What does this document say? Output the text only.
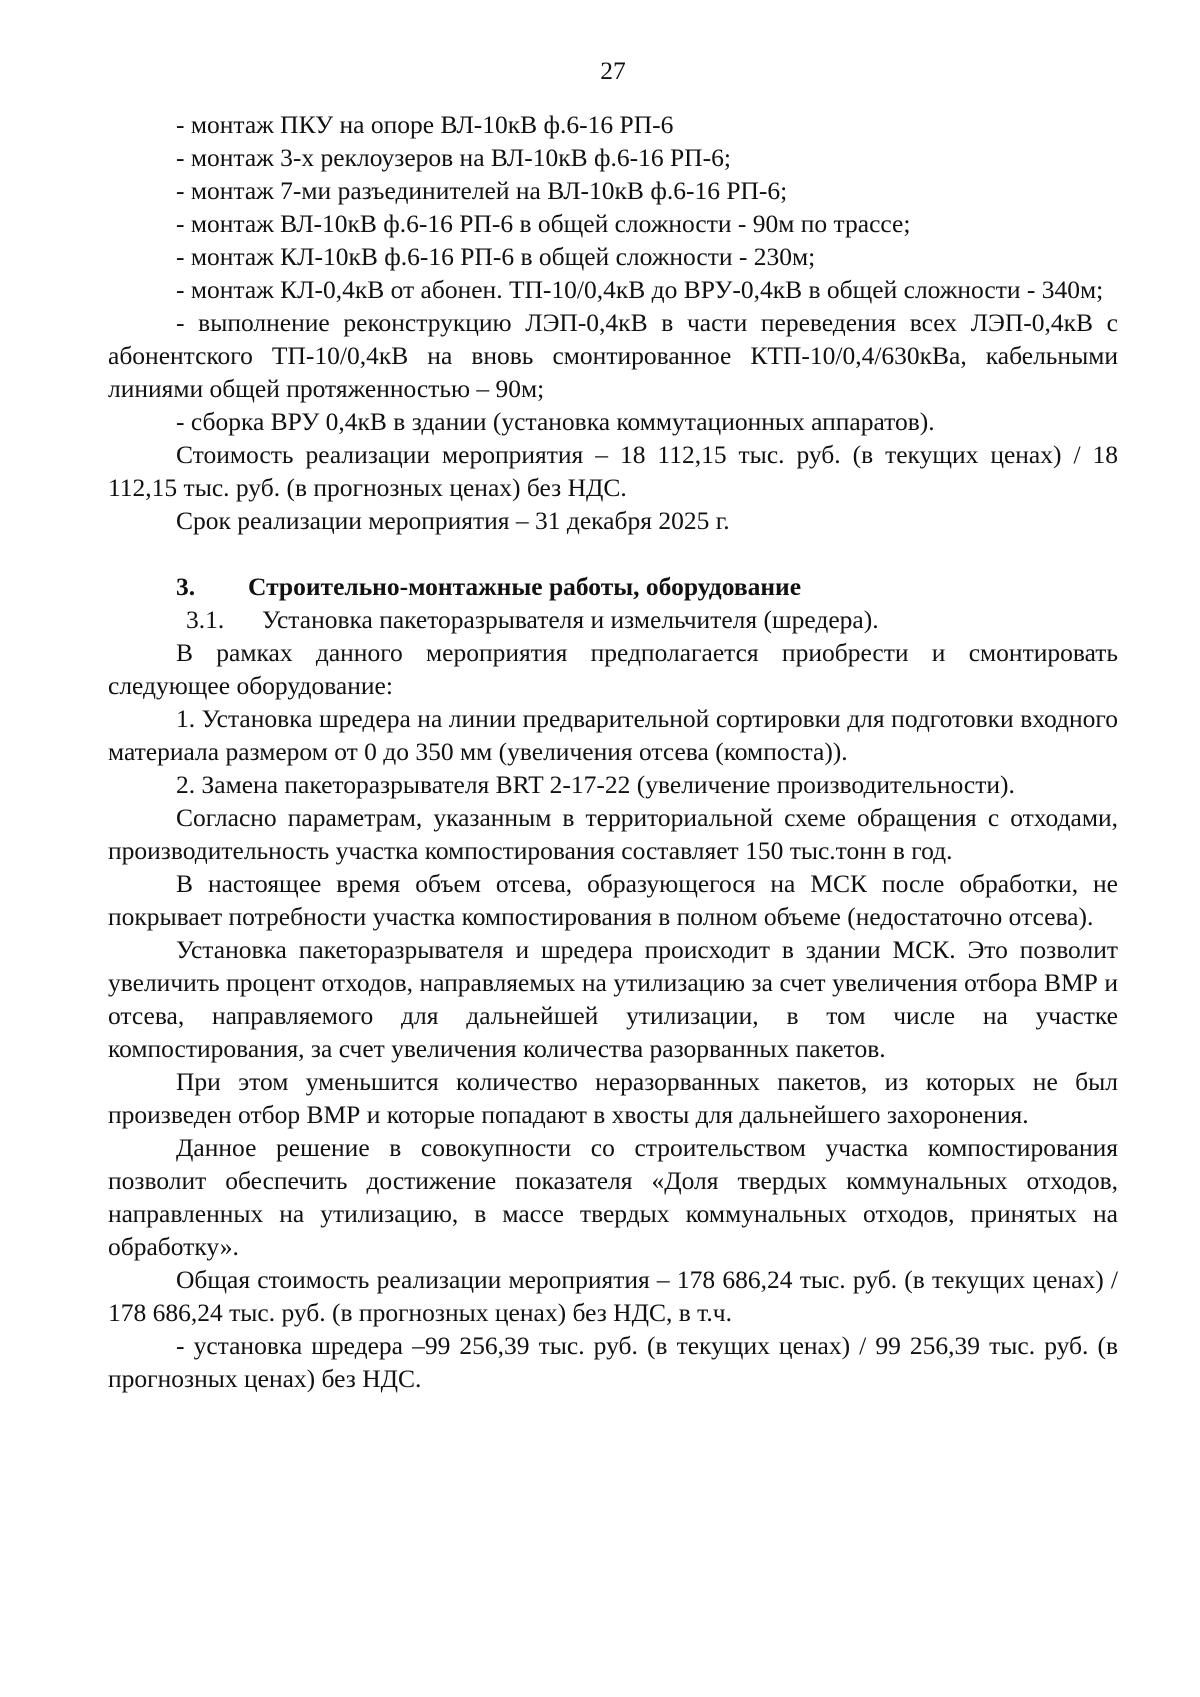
27

- монтаж ПКУ на опоре ВЛ-10кВ ф.6-16 РП-6

- монтаж 3-х реклоузеров на ВЛ-10кВ ф.6-16 РП-6;

- монтаж 7-ми разъединителей на ВЛ-10кВ ф.6-16 РП-6;

- монтаж ВЛ-10кВ ф.6-16 РП-6 в общей сложности - 90м по трассе;

- монтаж КЛ-10кВ ф.6-16 РП-6 в общей сложности - 230м;

- монтаж КЛ-0,4кВ от абонен. ТП-10/0,4кВ до ВРУ-0,4кВ в общей сложности - 340м;

- выполнение реконструкцию ЛЭП-0,4кВ в части переведения всех ЛЭП-0,4кВ с абонентского ТП-10/0,4кВ на вновь смонтированное КТП-10/0,4/630кВа, кабельными линиями общей протяженностью – 90м;

- сборка ВРУ 0,4кВ в здании (установка коммутационных аппаратов).

Стоимость реализации мероприятия – 18 112,15 тыс. руб. (в текущих ценах) / 18 112,15 тыс. руб. (в прогнозных ценах) без НДС.

Срок реализации мероприятия – 31 декабря 2025 г.

3.	Строительно-монтажные работы, оборудование
3.1.	Установка пакеторазрывателя и измельчителя (шредера).

В рамках данного мероприятия предполагается приобрести и смонтировать следующее оборудование:

1. Установка шредера на линии предварительной сортировки для подготовки входного материала размером от 0 до 350 мм (увеличения отсева (компоста)).

2. Замена пакеторазрывателя BRT 2-17-22 (увеличение производительности).

Согласно параметрам, указанным в территориальной схеме обращения с отходами, производительность участка компостирования составляет 150 тыс.тонн в год.

В настоящее время объем отсева, образующегося на МСК после обработки, не покрывает потребности участка компостирования в полном объеме (недостаточно отсева).

Установка пакеторазрывателя и шредера происходит в здании МСК. Это позволит увеличить процент отходов, направляемых на утилизацию за счет увеличения отбора ВМР и отсева, направляемого для дальнейшей утилизации, в том числе на участке компостирования, за счет увеличения количества разорванных пакетов.

При этом уменьшится количество неразорванных пакетов, из которых не был произведен отбор ВМР и которые попадают в хвосты для дальнейшего захоронения.

Данное решение в совокупности со строительством участка компостирования позволит обеспечить достижение показателя «Доля твердых коммунальных отходов, направленных на утилизацию, в массе твердых коммунальных отходов, принятых на обработку».

Общая стоимость реализации мероприятия – 178 686,24 тыс. руб. (в текущих ценах) / 178 686,24 тыс. руб. (в прогнозных ценах) без НДС, в т.ч.

- установка шредера –99 256,39 тыс. руб. (в текущих ценах) / 99 256,39 тыс. руб. (в прогнозных ценах) без НДС.
